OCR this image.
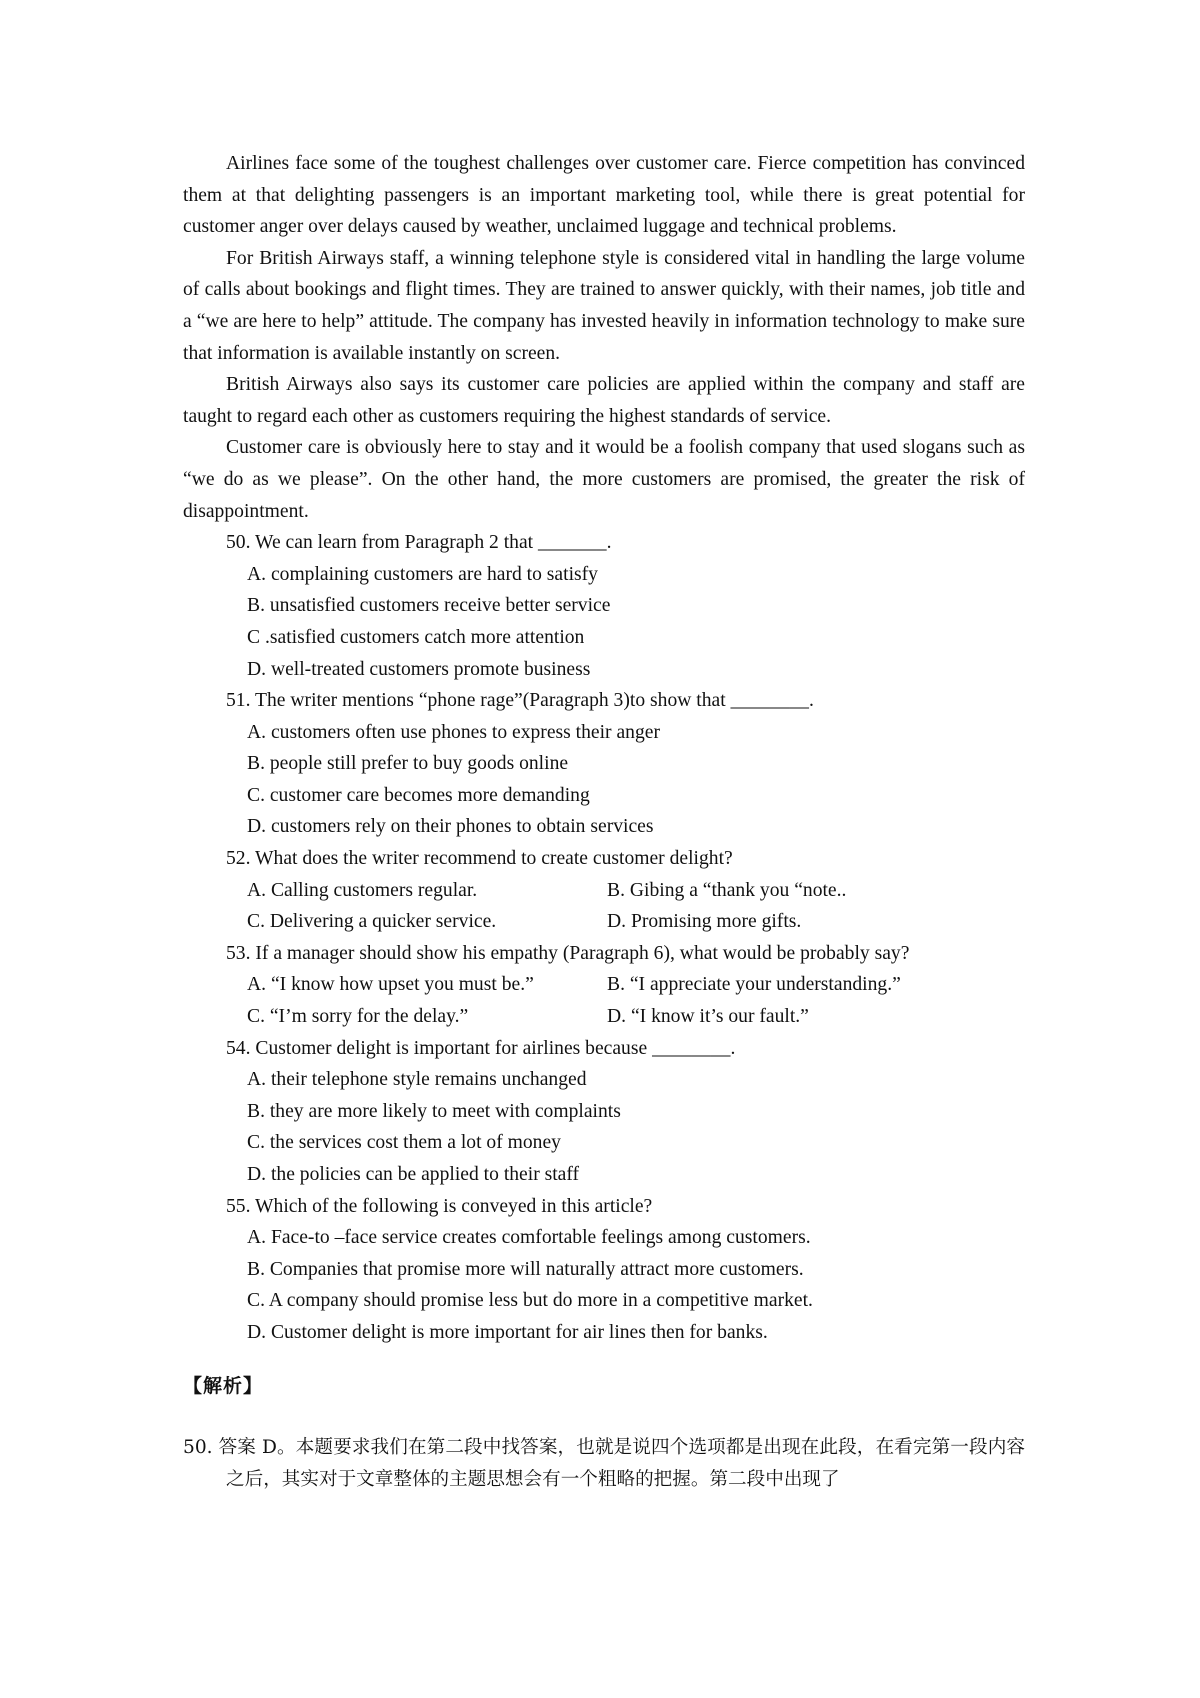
Airlines face some of the toughest challenges over customer care. Fierce competition has convinced them at that delighting passengers is an important marketing tool, while there is great potential for customer anger over delays caused by weather, unclaimed luggage and technical problems.

For British Airways staff, a winning telephone style is considered vital in handling the large volume of calls about bookings and flight times. They are trained to answer quickly, with their names, job title and a “we are here to help” attitude. The company has invested heavily in information technology to make sure that information is available instantly on screen.

British Airways also says its customer care policies are applied within the company and staff are taught to regard each other as customers requiring the highest standards of service.

Customer care is obviously here to stay and it would be a foolish company that used slogans such as “we do as we please”. On the other hand, the more customers are promised, the greater the risk of disappointment.

50. We can learn from Paragraph 2 that _______.

A. complaining customers are hard to satisfy

B. unsatisfied customers receive better service

C .satisfied customers catch more attention

D. well-treated customers promote business

51. The writer mentions “phone rage”(Paragraph 3)to show that ________.

A. customers often use phones to express their anger

B. people still prefer to buy goods online

C. customer care becomes more demanding

D. customers rely on their phones to obtain services

52. What does the writer recommend to create customer delight?

A. Calling customers regular.	B. Gibing a “thank you “note..
C. Delivering a quicker service.	D. Promising more gifts.

53. If a manager should show his empathy (Paragraph 6), what would be probably say?

A. “I know how upset you must be.”	B. “I appreciate your understanding.”
C. “I’m sorry for the delay.”	D. “I know it’s our fault.”

54. Customer delight is important for airlines because ________.

A. their telephone style remains unchanged

B. they are more likely to meet with complaints

C. the services cost them a lot of money

D. the policies can be applied to their staff

55. Which of the following is conveyed in this article?

A. Face-to –face service creates comfortable feelings among customers.

B. Companies that promise more will naturally attract more customers.

C. A company should promise less but do more in a competitive market.

D. Customer delight is more important for air lines then for banks.

【解析】

50. 答案 D。本题要求我们在第二段中找答案，也就是说四个选项都是出现在此段，在看完第一段内容之后，其实对于文章整体的主题思想会有一个粗略的把握。第二段中出现了
